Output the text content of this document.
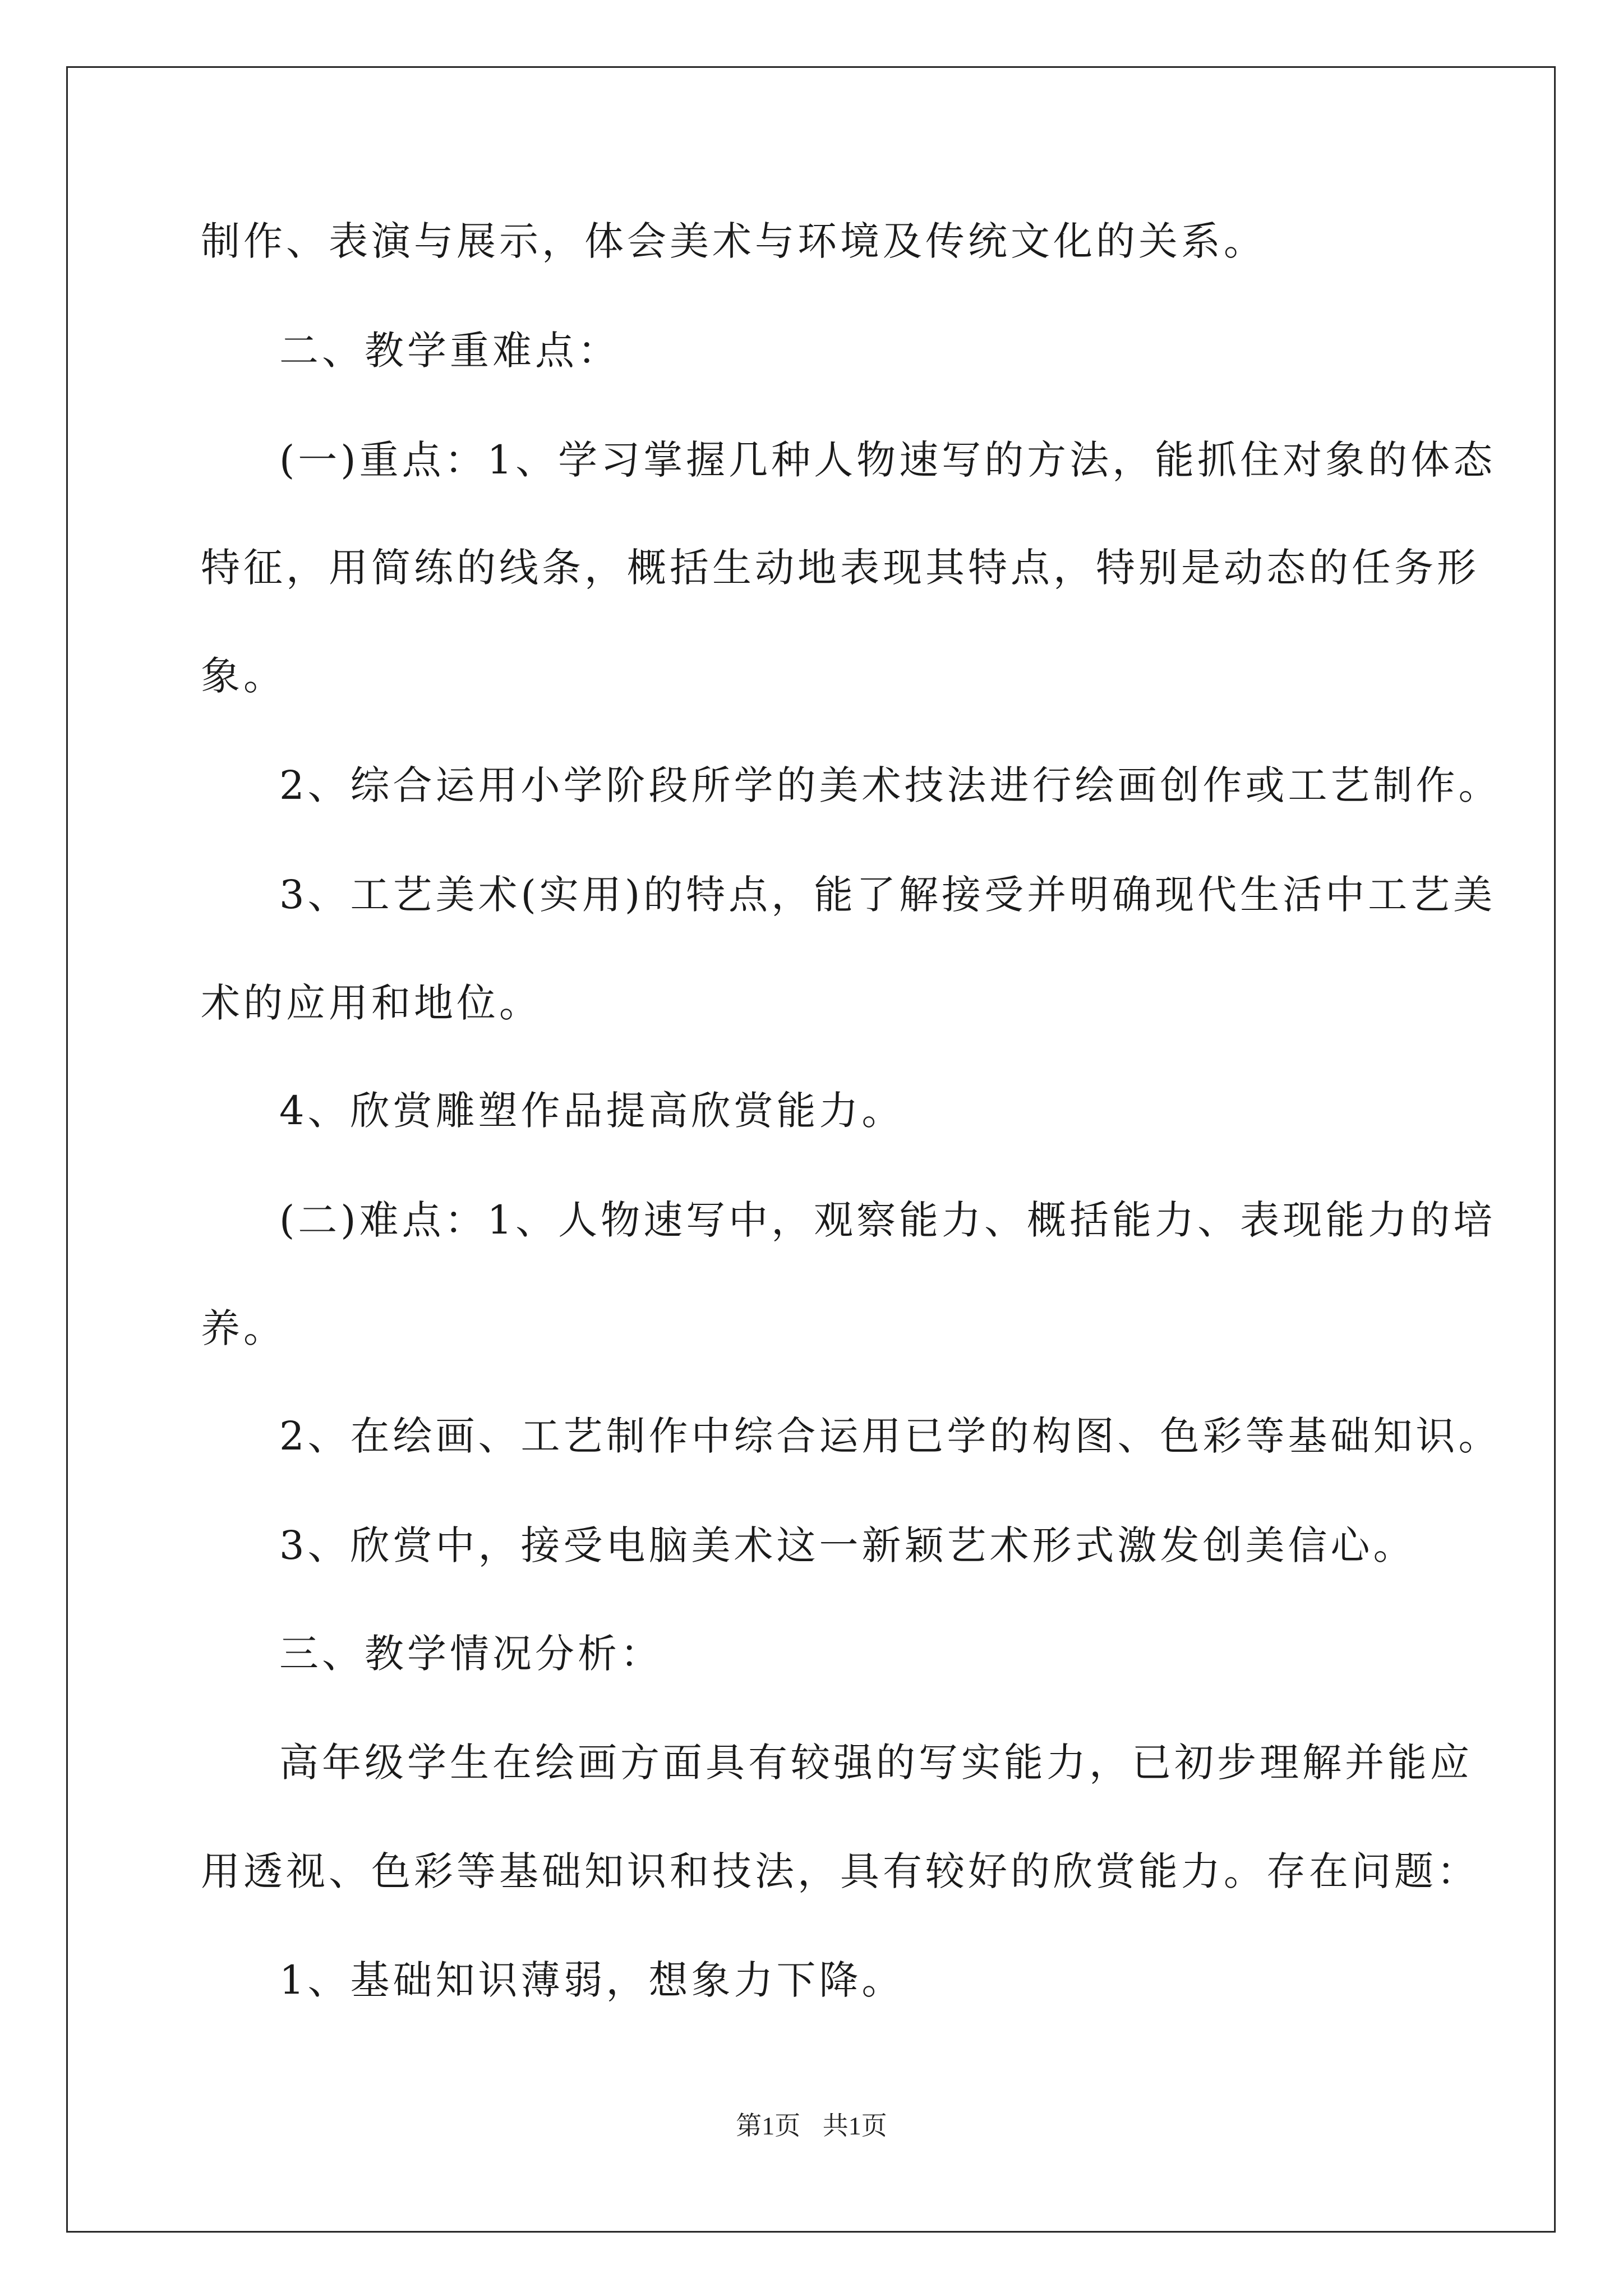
制作、表演与展示，体会美术与环境及传统文化的关系。
二、教学重难点：
(一)重点：1、学习掌握几种人物速写的方法，能抓住对象的体态
特征，用简练的线条，概括生动地表现其特点，特别是动态的任务形
象。
2、综合运用小学阶段所学的美术技法进行绘画创作或工艺制作。
3、工艺美术(实用)的特点，能了解接受并明确现代生活中工艺美
术的应用和地位。
4、欣赏雕塑作品提高欣赏能力。
(二)难点：1、人物速写中，观察能力、概括能力、表现能力的培
养。
2、在绘画、工艺制作中综合运用已学的构图、色彩等基础知识。
3、欣赏中，接受电脑美术这一新颖艺术形式激发创美信心。
三、教学情况分析：
高年级学生在绘画方面具有较强的写实能力，已初步理解并能应
用透视、色彩等基础知识和技法，具有较好的欣赏能力。存在问题：
1、基础知识薄弱，想象力下降。
第1页 共1页
